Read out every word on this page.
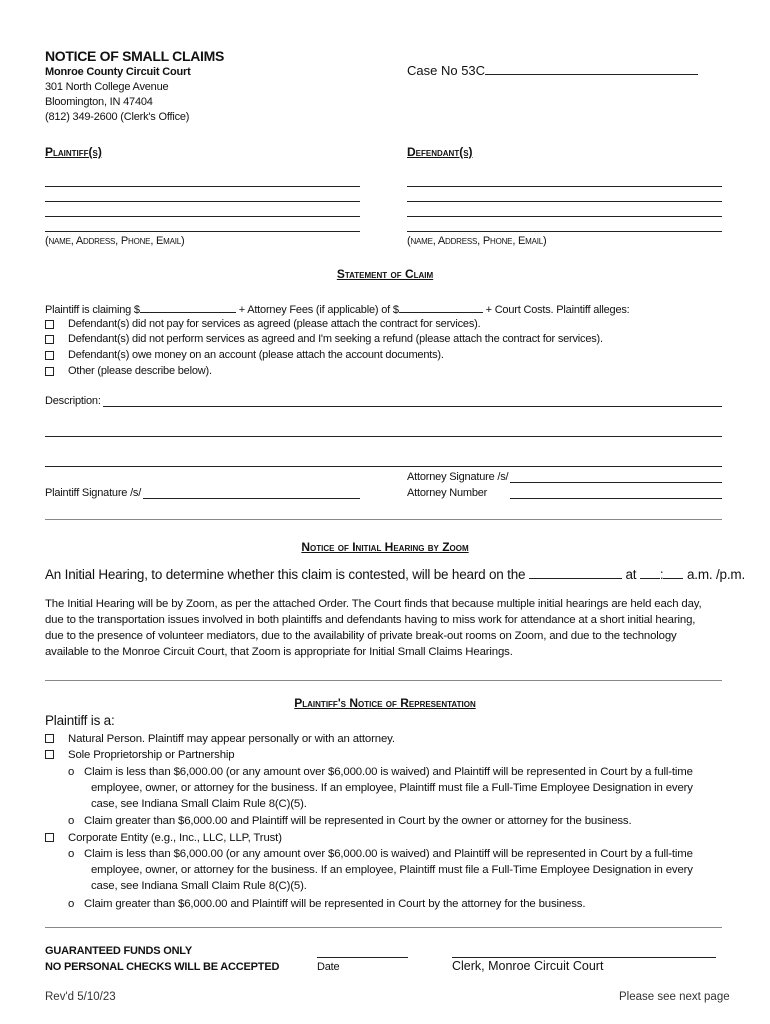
NOTICE OF SMALL CLAIMS
Monroe County Circuit Court
301 North College Avenue
Bloomington, IN 47404
(812) 349-2600 (Clerk's Office)
Case No 53C
Plaintiff(s)	Defendant(s)
(name, Address, Phone, Email)	(name, Address, Phone, Email)
Statement of Claim
Plaintiff is claiming $	+ Attorney Fees (if applicable) of $	+ Court Costs. Plaintiff alleges:
Defendant(s) did not pay for services as agreed (please attach the contract for services).
Defendant(s) did not perform services as agreed and I'm seeking a refund (please attach the contract for services).
Defendant(s) owe money on an account (please attach the account documents).
Other (please describe below).
Description:
Attorney Signature /s/
Attorney Number
Plaintiff Signature /s/
Notice of Initial Hearing by Zoom
An Initial Hearing, to determine whether this claim is contested, will be heard on the	at : a.m. /p.m.
The Initial Hearing will be by Zoom, as per the attached Order. The Court finds that because multiple initial hearings are held each day,
due to the transportation issues involved in both plaintiffs and defendants having to miss work for attendance at a short initial hearing,
due to the presence of volunteer mediators, due to the availability of private break-out rooms on Zoom, and due to the technology
available to the Monroe Circuit Court, that Zoom is appropriate for Initial Small Claims Hearings.
Plaintiff's Notice of Representation
Plaintiff is a:
Natural Person. Plaintiff may appear personally or with an attorney.
Sole Proprietorship or Partnership
o Claim is less than $6,000.00 (or any amount over $6,000.00 is waived) and Plaintiff will be represented in Court by a full-time
employee, owner, or attorney for the business. If an employee, Plaintiff must file a Full-Time Employee Designation in every
case, see Indiana Small Claim Rule 8(C)(5).
o Claim greater than $6,000.00 and Plaintiff will be represented in Court by the owner or attorney for the business.
Corporate Entity (e.g., Inc., LLC, LLP, Trust)
o Claim is less than $6,000.00 (or any amount over $6,000.00 is waived) and Plaintiff will be represented in Court by a full-time
employee, owner, or attorney for the business. If an employee, Plaintiff must file a Full-Time Employee Designation in every
case, see Indiana Small Claim Rule 8(C)(5).
o Claim greater than $6,000.00 and Plaintiff will be represented in Court by the attorney for the business.
GUARANTEED FUNDS ONLY
NO PERSONAL CHECKS WILL BE ACCEPTED	Date	Clerk, Monroe Circuit Court
Rev'd 5/10/23	Please see next page
